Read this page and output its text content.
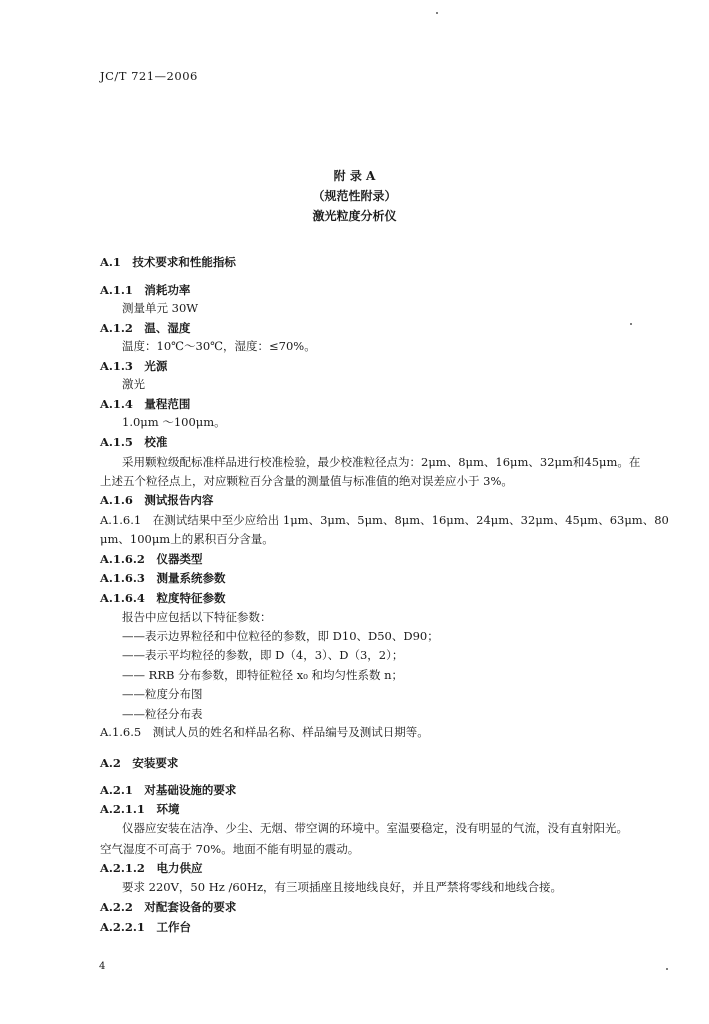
JC/T 721—2006
附 录 A
（规范性附录）
激光粒度分析仪
A.1　技术要求和性能指标
A.1.1　消耗功率
测量单元 30W
A.1.2　温、湿度
温度：10℃～30℃，湿度：≤70%。
A.1.3　光源
激光
A.1.4　量程范围
1.0μm ～100μm。
A.1.5　校准
采用颗粒级配标准样品进行校准检验，最少校准粒径点为：2μm、8μm、16μm、32μm和45μm。在
上述五个粒径点上，对应颗粒百分含量的测量值与标准值的绝对误差应小于 3%。
A.1.6　测试报告内容
A.1.6.1　在测试结果中至少应给出 1μm、3μm、5μm、8μm、16μm、24μm、32μm、45μm、63μm、80
μm、100μm上的累积百分含量。
A.1.6.2　仪器类型
A.1.6.3　测量系统参数
A.1.6.4　粒度特征参数
报告中应包括以下特征参数：
——表示边界粒径和中位粒径的参数，即 D10、D50、D90；
——表示平均粒径的参数，即 D（4，3）、D（3，2）；
—— RRB 分布参数，即特征粒径 x₀ 和均匀性系数 n；
——粒度分布图
——粒径分布表
A.1.6.5　测试人员的姓名和样品名称、样品编号及测试日期等。
A.2　安装要求
A.2.1　对基础设施的要求
A.2.1.1　环境
仪器应安装在洁净、少尘、无烟、带空调的环境中。室温要稳定，没有明显的气流，没有直射阳光。
空气湿度不可高于 70%。地面不能有明显的震动。
A.2.1.2　电力供应
要求 220V，50 Hz /60Hz，有三项插座且接地线良好，并且严禁将零线和地线合接。
A.2.2　对配套设备的要求
A.2.2.1　工作台
4
